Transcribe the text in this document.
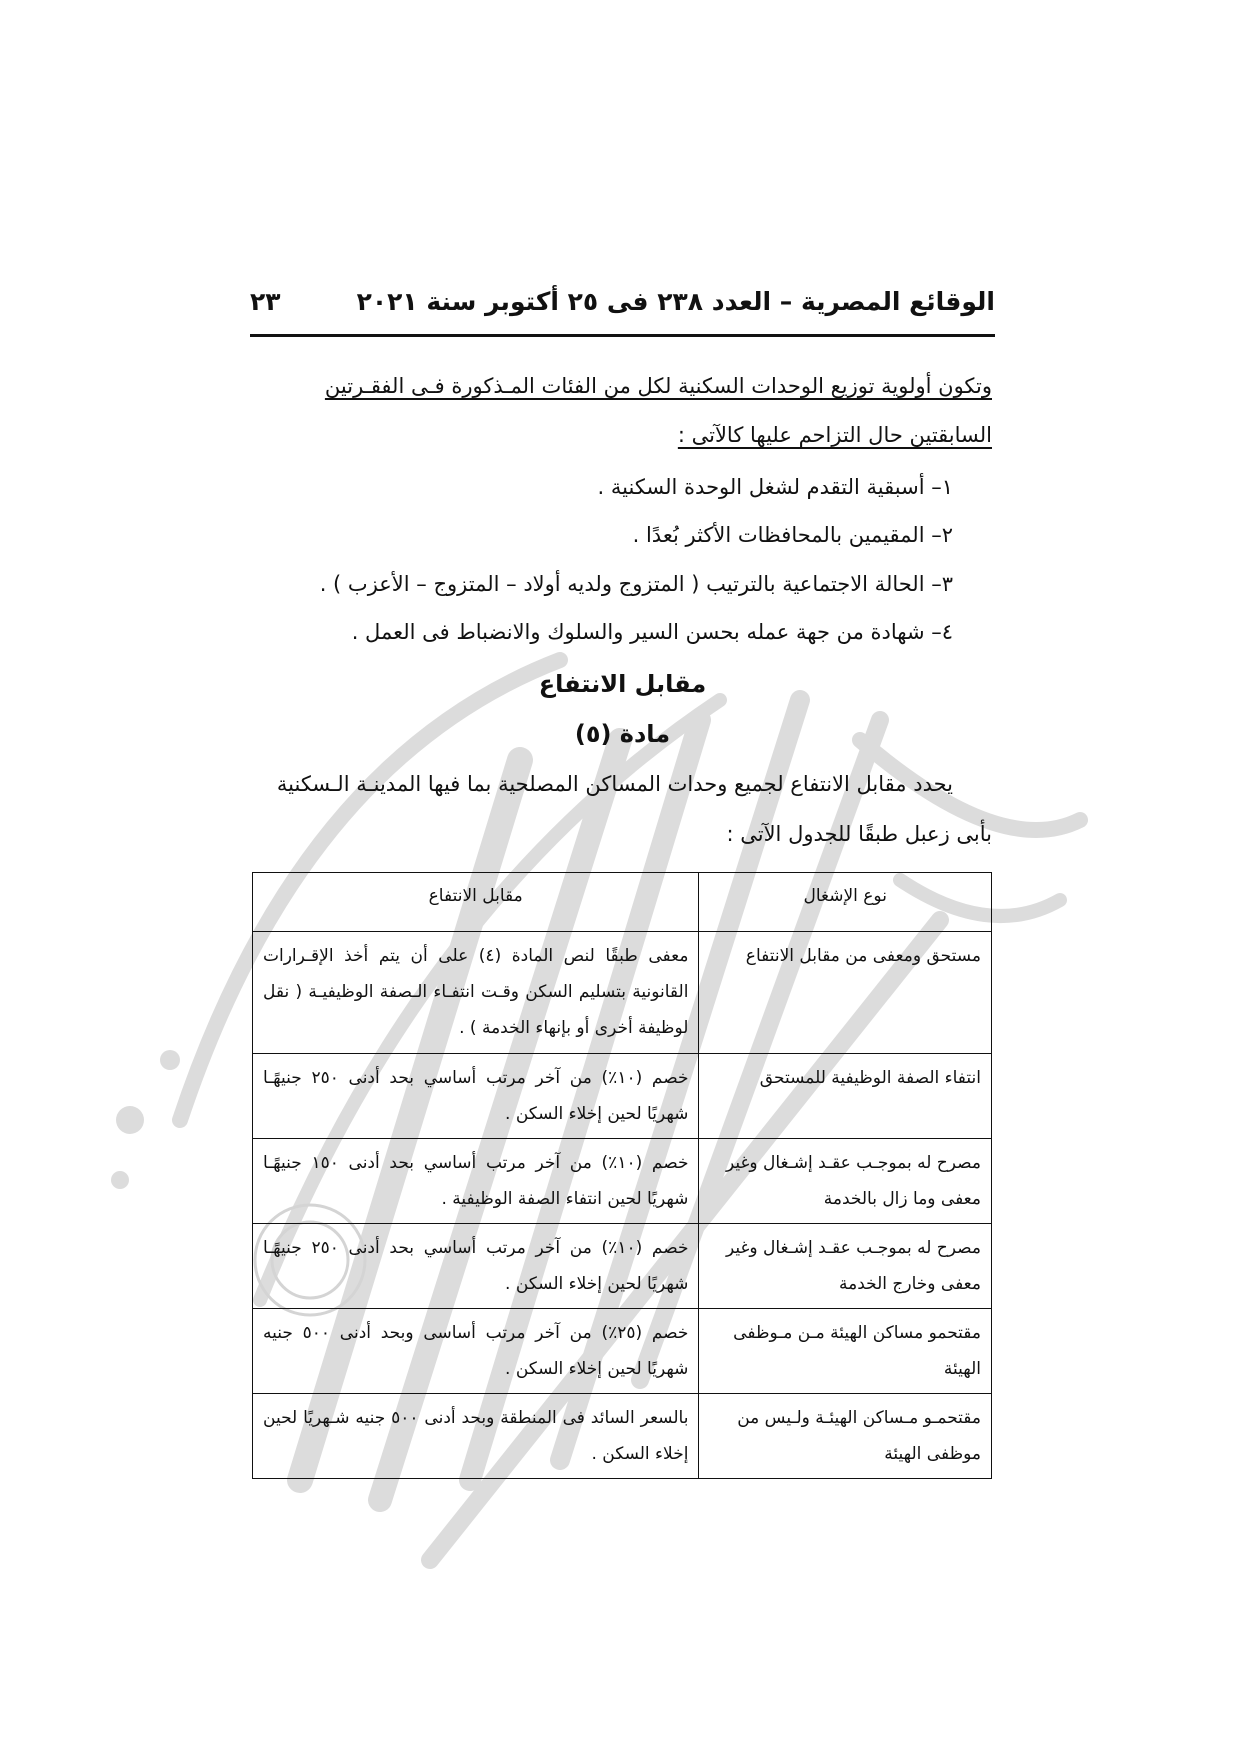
الوقائع المصرية – العدد ٢٣٨ فى ٢٥ أكتوبر سنة ٢٠٢١
٢٣
وتكون أولوية توزيع الوحدات السكنية لكل من الفئات المـذكورة فـى الفقـرتين
السابقتين حال التزاحم عليها كالآتى :
١– أسبقية التقدم لشغل الوحدة السكنية .
٢– المقيمين بالمحافظات الأكثر بُعدًا .
٣– الحالة الاجتماعية بالترتيب ( المتزوج ولديه أولاد – المتزوج – الأعزب ) .
٤– شهادة من جهة عمله بحسن السير والسلوك والانضباط فى العمل .
مقابل الانتفاع
مادة (٥)
يحدد مقابل الانتفاع لجميع وحدات المساكن المصلحية بما فيها المدينـة الـسكنية
بأبى زعبل طبقًا للجدول الآتى :
نوع الإشغال	مقابل الانتفاع
مستحق ومعفى من مقابل الانتفاع	معفى طبقًا لنص المادة (٤) على أن يتم أخذ الإقـرارات القانونية بتسليم السكن وقـت انتفـاء الـصفة الوظيفيـة ( نقل لوظيفة أخرى أو بإنهاء الخدمة ) .
انتفاء الصفة الوظيفية للمستحق	خصم (١٠٪) من آخر مرتب أساسي بحد أدنى ٢٥٠ جنيهًـا شهريًا لحين إخلاء السكن .
مصرح له بموجـب عقـد إشـغال وغير معفى وما زال بالخدمة	خصم (١٠٪) من آخر مرتب أساسي بحد أدنى ١٥٠ جنيهًـا شهريًا لحين انتفاء الصفة الوظيفية .
مصرح له بموجـب عقـد إشـغال وغير معفى وخارج الخدمة	خصم (١٠٪) من آخر مرتب أساسي بحد أدنى ٢٥٠ جنيهًـا شهريًا لحين إخلاء السكن .
مقتحمو مساكن الهيئة مـن مـوظفى الهيئة	خصم (٢٥٪) من آخر مرتب أساسى وبحد أدنى ٥٠٠ جنيه شهريًا لحين إخلاء السكن .
مقتحمـو مـساكن الهيئـة ولـيس من موظفى الهيئة	بالسعر السائد فى المنطقة وبحد أدنى ٥٠٠ جنيه شـهريًا لحين إخلاء السكن .
